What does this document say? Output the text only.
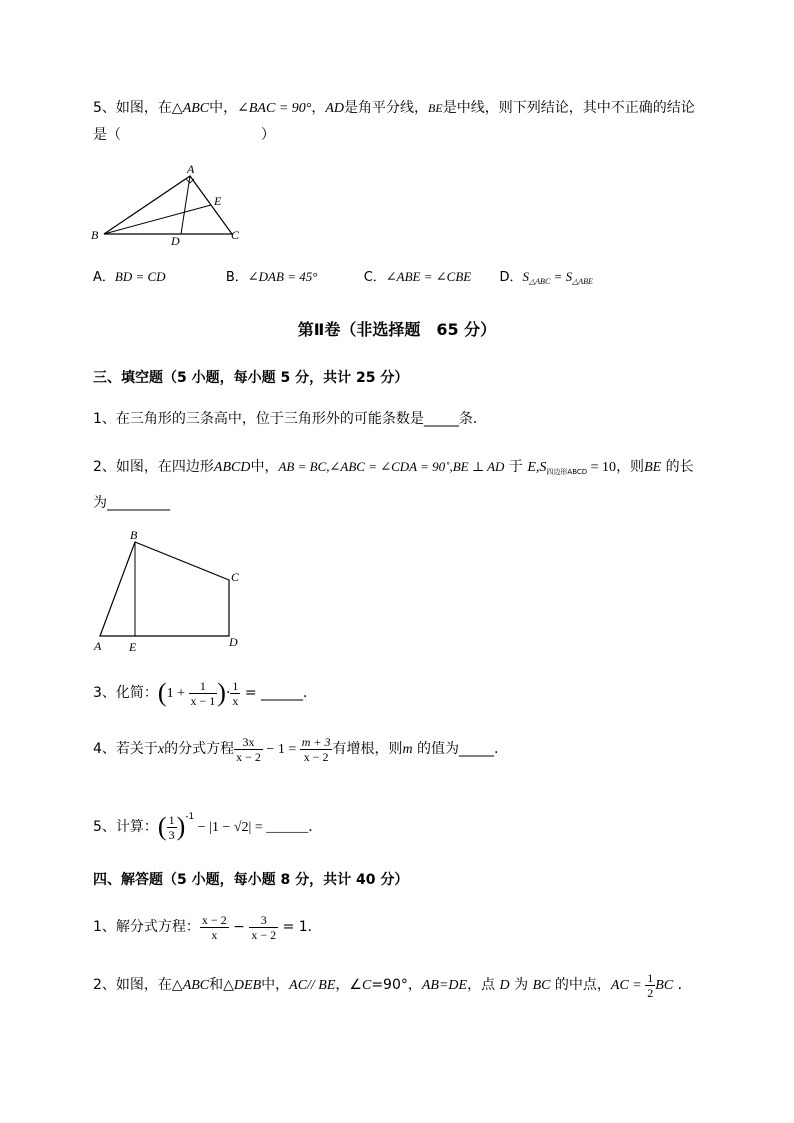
5、如图，在△ABC中，∠BAC = 90°，AD是角平分线，BE是中线，则下列结论，其中不正确的结论
是（　　　　　　　　　　）
A
B	C
D
E
A．BD = CD	B．∠DAB = 45°	C．∠ABE = ∠CBE D．$S_{\triangle ABC} = S_{\triangle ABE}$
第Ⅱ卷（非选择题　65 分）
三、填空题（5 小题，每小题 5 分，共计 25 分）
1、在三角形的三条高中，位于三角形外的可能条数是_____条．
2、如图，在四边形ABCD中，AB = BC,∠ABC = ∠CDA = 90˚,BE ⊥ AD 于 $E,S_{四边形ABCD} = 10$，则BE 的长
为_________
B
C
A E	D
3、化简：($1 + \frac{1}{x - 1}$ )· $\frac{1}{x}$ = ______．
4、若关于x的分式方程 $\frac{3x}{x - 2} - 1 = \frac{m + 3}{x - 2}$ 有增根，则m 的值为_____.
5、计算：( $\frac{1}{3} )^{-1} - |1 - √2|$ = ______．
四、解答题（5 小题，每小题 8 分，共计 40 分）
1、解分式方程： $\frac{x - 2}{x} - \frac{3}{x - 2} = 1$．
2、如图，在△ABC和△DEB中，AC// BE，∠C=90°，AB=DE，点 D 为 BC 的中点，AC = $\frac{1}{2}$ BC ．
